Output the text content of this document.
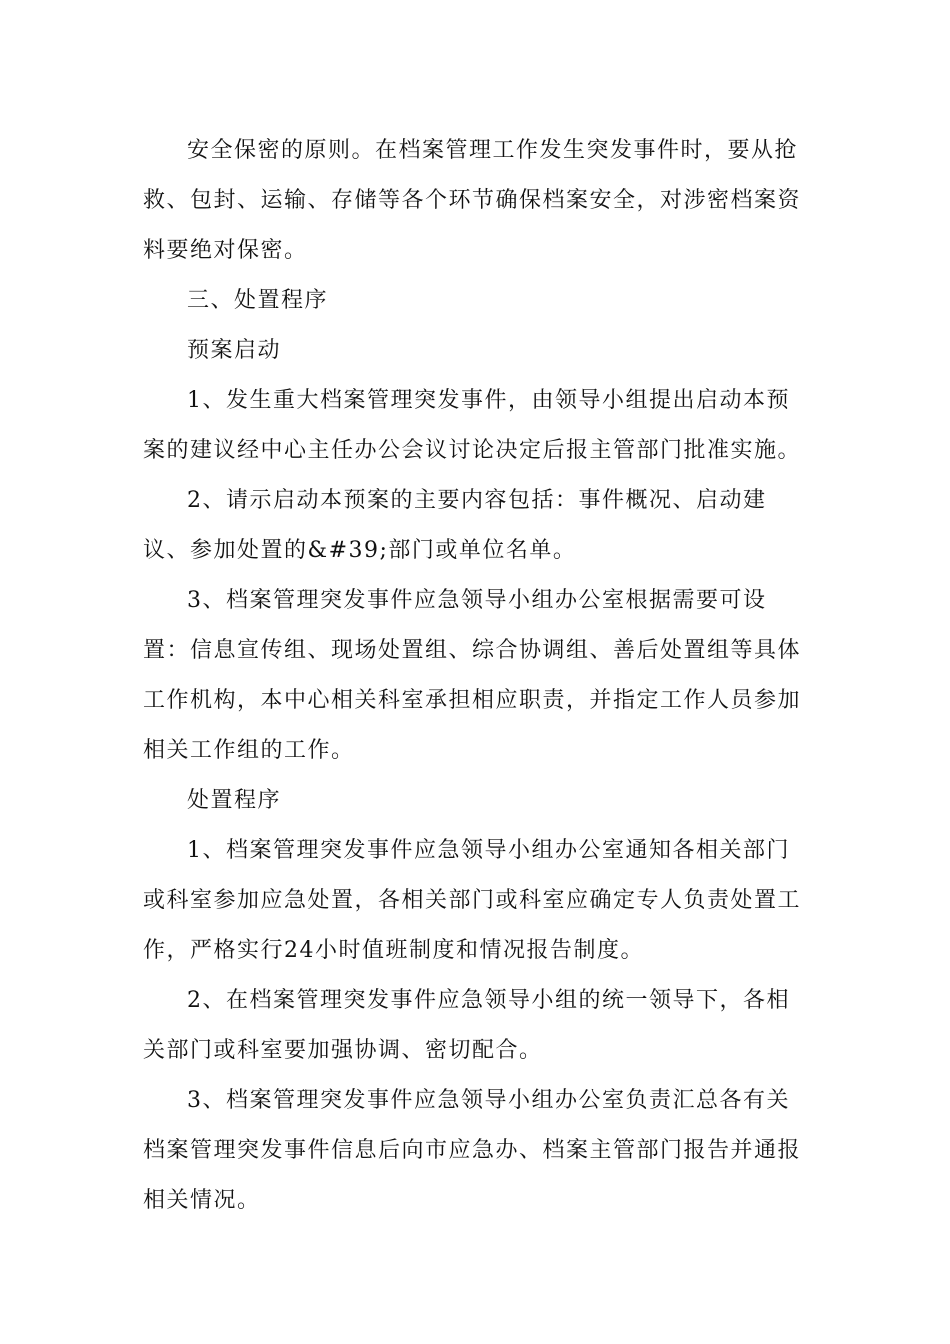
安全保密的原则。在档案管理工作发生突发事件时，要从抢救、包封、运输、存储等各个环节确保档案安全，对涉密档案资料要绝对保密。

三、处置程序

预案启动

1、发生重大档案管理突发事件，由领导小组提出启动本预案的建议经中心主任办公会议讨论决定后报主管部门批准实施。

2、请示启动本预案的主要内容包括：事件概况、启动建议、参加处置的&#39;部门或单位名单。

3、档案管理突发事件应急领导小组办公室根据需要可设置：信息宣传组、现场处置组、综合协调组、善后处置组等具体工作机构，本中心相关科室承担相应职责，并指定工作人员参加相关工作组的工作。

处置程序

1、档案管理突发事件应急领导小组办公室通知各相关部门或科室参加应急处置，各相关部门或科室应确定专人负责处置工作，严格实行24小时值班制度和情况报告制度。

2、在档案管理突发事件应急领导小组的统一领导下，各相关部门或科室要加强协调、密切配合。

3、档案管理突发事件应急领导小组办公室负责汇总各有关档案管理突发事件信息后向市应急办、档案主管部门报告并通报相关情况。
